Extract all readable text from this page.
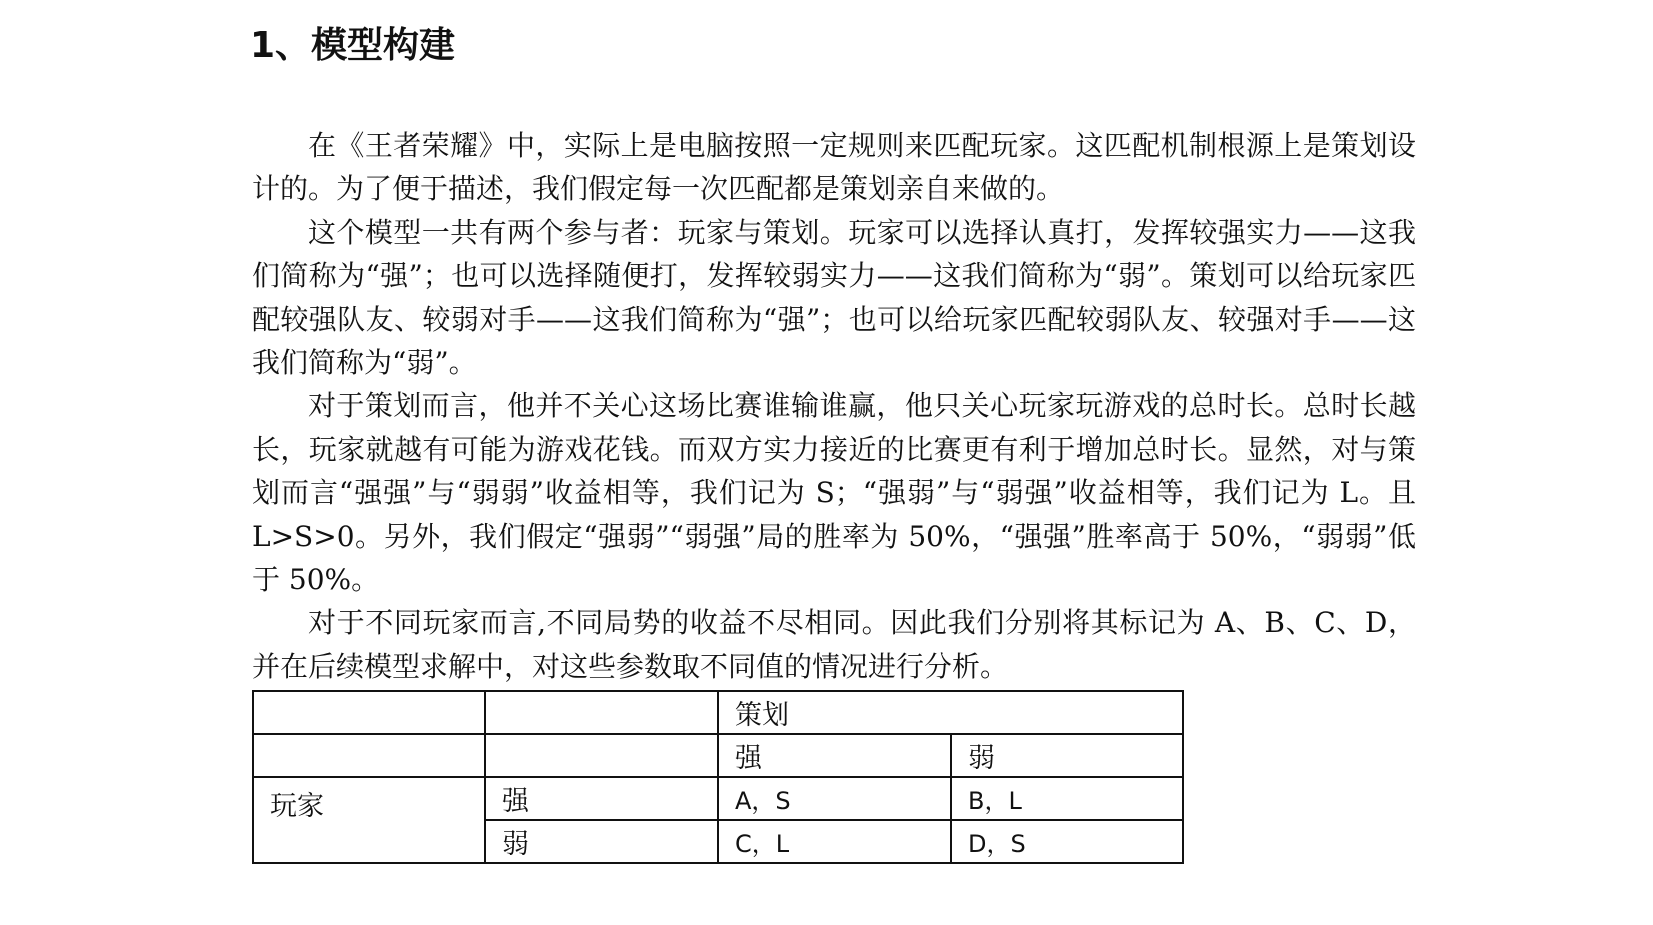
1、模型构建

在《王者荣耀》中，实际上是电脑按照一定规则来匹配玩家。这匹配机制根源上是策划设计的。为了便于描述，我们假定每一次匹配都是策划亲自来做的。

这个模型一共有两个参与者：玩家与策划。玩家可以选择认真打，发挥较强实力——这我们简称为“强”；也可以选择随便打，发挥较弱实力——这我们简称为“弱”。策划可以给玩家匹配较强队友、较弱对手——这我们简称为“强”；也可以给玩家匹配较弱队友、较强对手——这我们简称为“弱”。

对于策划而言，他并不关心这场比赛谁输谁赢，他只关心玩家玩游戏的总时长。总时长越长，玩家就越有可能为游戏花钱。而双方实力接近的比赛更有利于增加总时长。显然，对与策划而言“强强”与“弱弱”收益相等，我们记为 S；“强弱”与“弱强”收益相等，我们记为 L。且 L>S>0。另外，我们假定“强弱”“弱强”局的胜率为 50%，“强强”胜率高于 50%，“弱弱”低于 50%。

对于不同玩家而言,不同局势的收益不尽相同。因此我们分别将其标记为 A、B、C、D，并在后续模型求解中，对这些参数取不同值的情况进行分析。

		策划	
		强	弱
玩家	强	A，S	B，L
	弱	C，L	D，S
